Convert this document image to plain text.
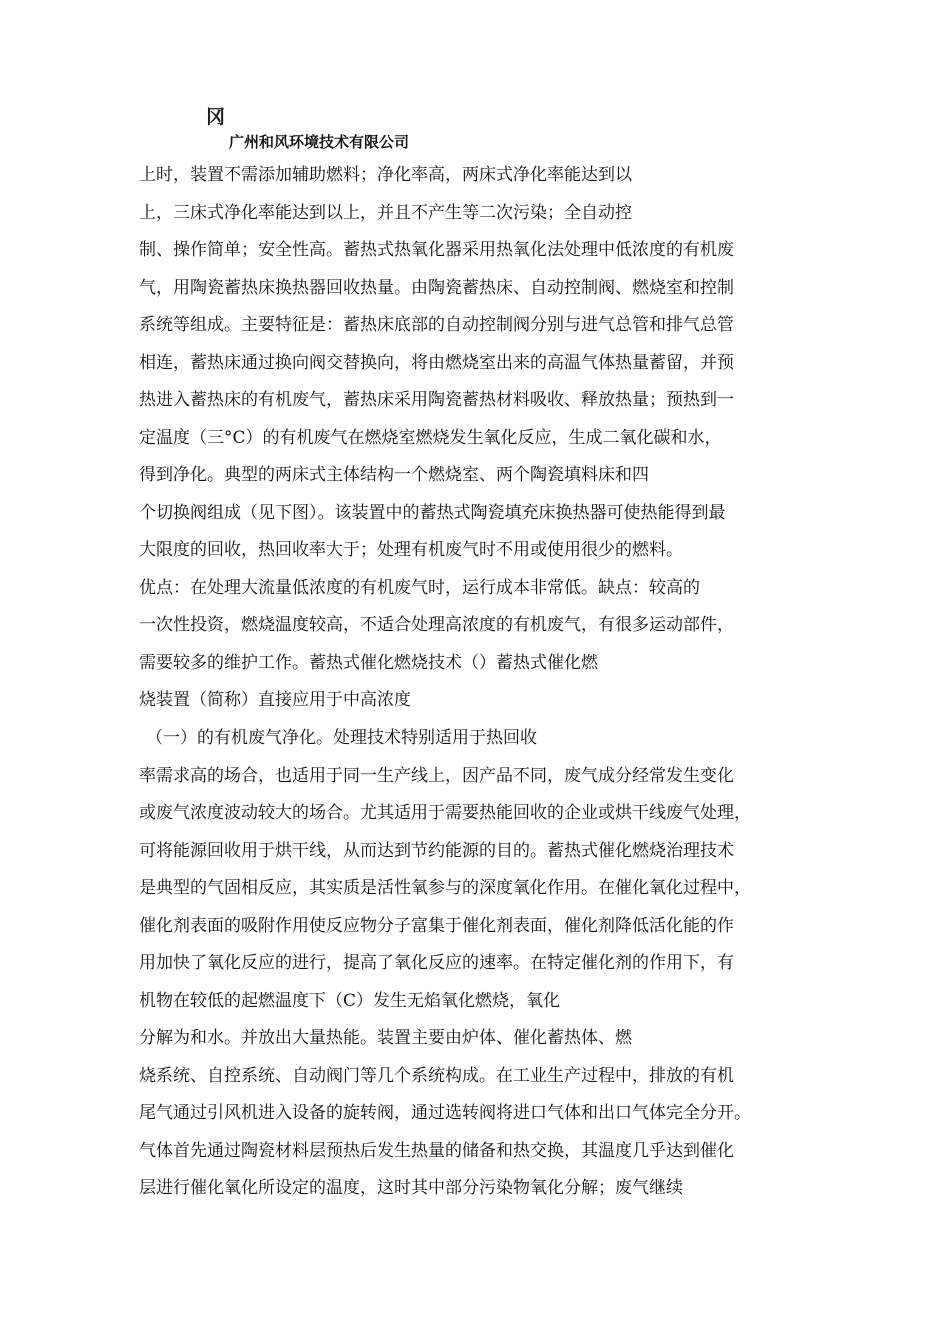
冈
广州和风环境技术有限公司
上时，装置不需添加辅助燃料；净化率高，两床式净化率能达到以
上，三床式净化率能达到以上，并且不产生等二次污染；全自动控
制、操作简单；安全性高。蓄热式热氧化器采用热氧化法处理中低浓度的有机废
气，用陶瓷蓄热床换热器回收热量。由陶瓷蓄热床、自动控制阀、燃烧室和控制
系统等组成。主要特征是：蓄热床底部的自动控制阀分别与进气总管和排气总管
相连，蓄热床通过换向阀交替换向，将由燃烧室出来的高温气体热量蓄留，并预
热进入蓄热床的有机废气，蓄热床采用陶瓷蓄热材料吸收、释放热量；预热到一
定温度（三°C）的有机废气在燃烧室燃烧发生氧化反应，生成二氧化碳和水，
得到净化。典型的两床式主体结构一个燃烧室、两个陶瓷填料床和四
个切换阀组成（见下图）。该装置中的蓄热式陶瓷填充床换热器可使热能得到最
大限度的回收，热回收率大于；处理有机废气时不用或使用很少的燃料。
优点：在处理大流量低浓度的有机废气时，运行成本非常低。缺点：较高的
一次性投资，燃烧温度较高，不适合处理高浓度的有机废气，有很多运动部件，
需要较多的维护工作。蓄热式催化燃烧技术（）蓄热式催化燃
烧装置（简称）直接应用于中高浓度
（一）的有机废气净化。处理技术特别适用于热回收
率需求高的场合，也适用于同一生产线上，因产品不同，废气成分经常发生变化
或废气浓度波动较大的场合。尤其适用于需要热能回收的企业或烘干线废气处理，
可将能源回收用于烘干线，从而达到节约能源的目的。蓄热式催化燃烧治理技术
是典型的气固相反应，其实质是活性氧参与的深度氧化作用。在催化氧化过程中，
催化剂表面的吸附作用使反应物分子富集于催化剂表面，催化剂降低活化能的作
用加快了氧化反应的进行，提高了氧化反应的速率。在特定催化剂的作用下，有
机物在较低的起燃温度下（C）发生无焰氧化燃烧，氧化
分解为和水。并放出大量热能。装置主要由炉体、催化蓄热体、燃
烧系统、自控系统、自动阀门等几个系统构成。在工业生产过程中，排放的有机
尾气通过引风机进入设备的旋转阀，通过选转阀将进口气体和出口气体完全分开。
气体首先通过陶瓷材料层预热后发生热量的储备和热交换，其温度几乎达到催化
层进行催化氧化所设定的温度，这时其中部分污染物氧化分解；废气继续
